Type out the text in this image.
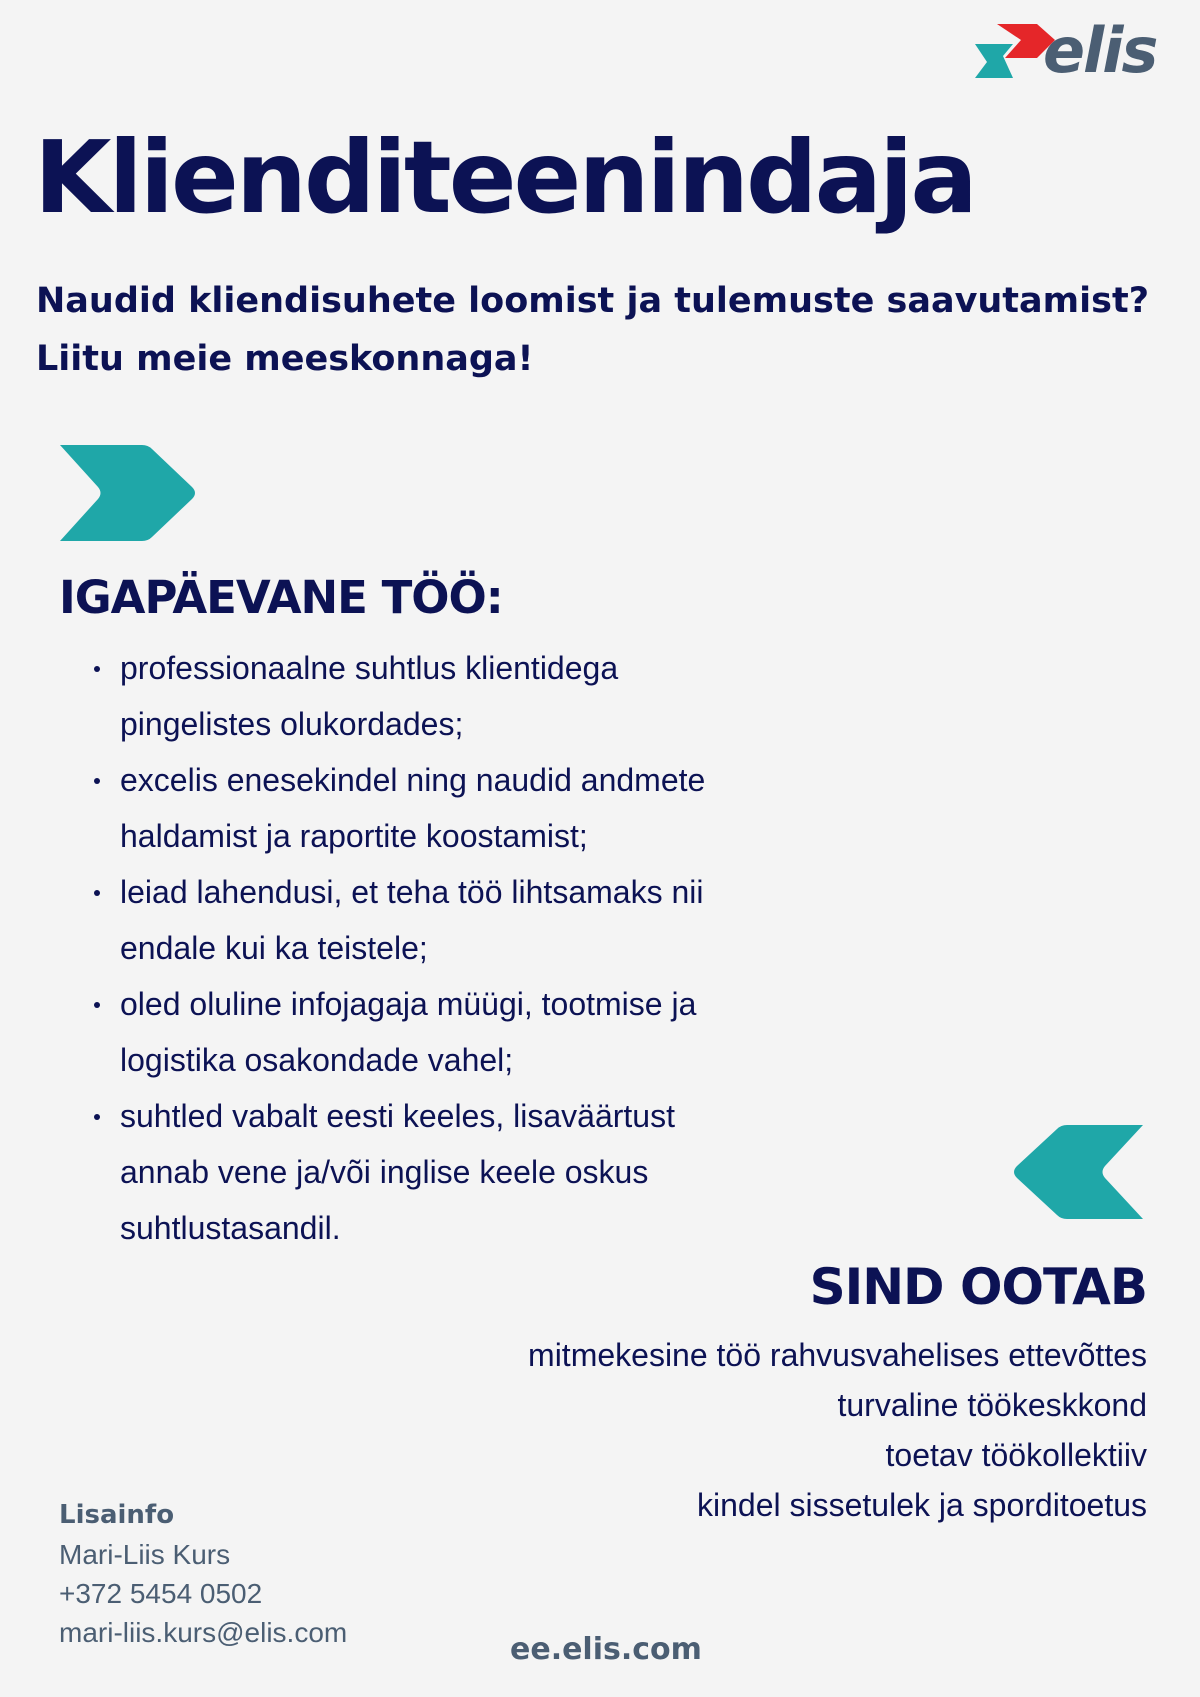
elis
Klienditeenindaja

Naudid kliendisuhete loomist ja tulemuste saavutamist?
Liitu meie meeskonnaga!

IGAPÄEVANE TÖÖ:
professionaalne suhtlus klientidega
pingelistes olukordades;
excelis enesekindel ning naudid andmete
haldamist ja raportite koostamist;
leiad lahendusi, et teha töö lihtsamaks nii
endale kui ka teistele;
oled oluline infojagaja müügi, tootmise ja
logistika osakondade vahel;
suhtled vabalt eesti keeles, lisaväärtust
annab vene ja/või inglise keele oskus
suhtlustasandil.
SIND OOTAB
mitmekesine töö rahvusvahelises ettevõttes
turvaline töökeskkond
toetav töökollektiiv
kindel sissetulek ja sporditoetus
Lisainfo
Mari-Liis Kurs
+372 5454 0502
mari-liis.kurs@elis.com	ee.elis.com
